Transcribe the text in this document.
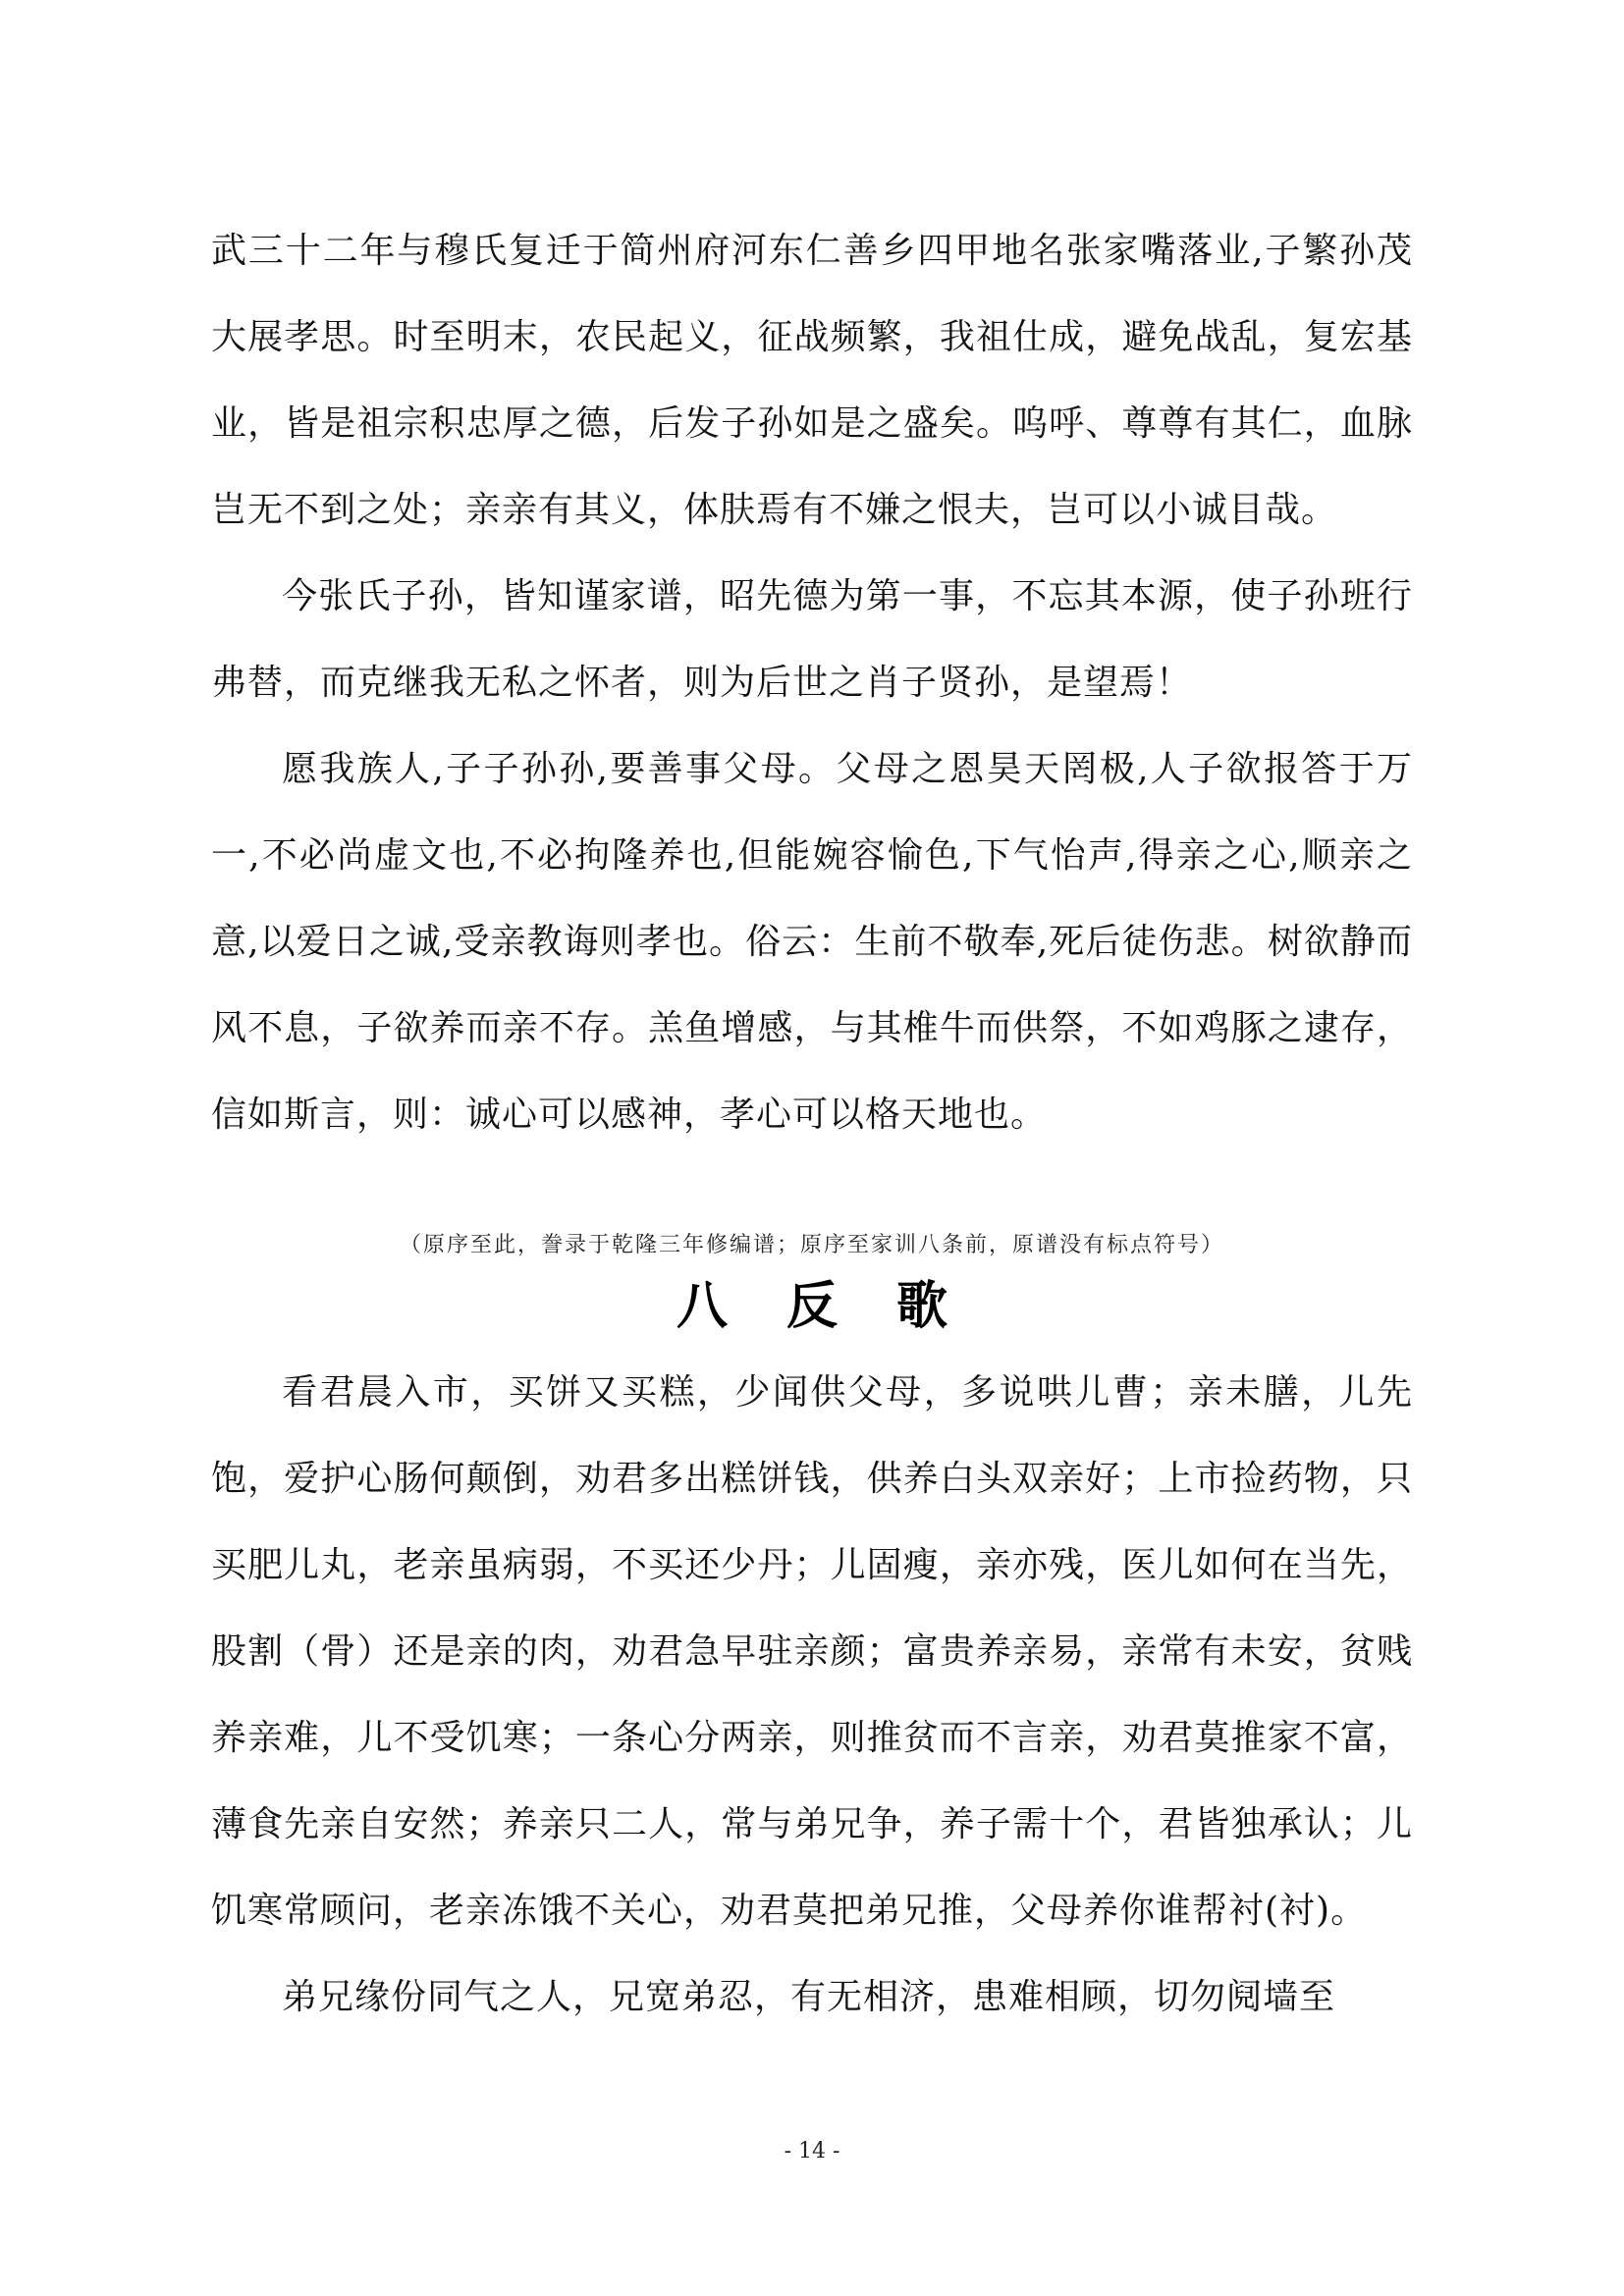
武三十二年与穆氏复迁于简州府河东仁善乡四甲地名张家嘴落业,子繁孙茂大展孝思。时至明末，农民起义，征战频繁，我祖仕成，避免战乱，复宏基业，皆是祖宗积忠厚之德，后发子孙如是之盛矣。呜呼、尊尊有其仁，血脉岂无不到之处；亲亲有其义，体肤焉有不嫌之恨夫，岂可以小诚目哉。

今张氏子孙，皆知谨家谱，昭先德为第一事，不忘其本源，使子孙班行弗替，而克继我无私之怀者，则为后世之肖子贤孙，是望焉！

愿我族人,子子孙孙,要善事父母。父母之恩昊天罔极,人子欲报答于万一,不必尚虚文也,不必拘隆养也,但能婉容愉色,下气怡声,得亲之心,顺亲之意,以爱日之诚,受亲教诲则孝也。俗云：生前不敬奉,死后徒伤悲。树欲静而风不息，子欲养而亲不存。羔鱼增感，与其椎牛而供祭，不如鸡豚之逮存，信如斯言，则：诚心可以感神，孝心可以格天地也。

（原序至此，誊录于乾隆三年修编谱；原序至家训八条前，原谱没有标点符号）
八反歌

看君晨入市，买饼又买糕，少闻供父母，多说哄儿曹；亲未膳，儿先饱，爱护心肠何颠倒，劝君多出糕饼钱，供养白头双亲好；上市捡药物，只买肥儿丸，老亲虽病弱，不买还少丹；儿固瘦，亲亦残，医儿如何在当先，股割（骨）还是亲的肉，劝君急早驻亲颜；富贵养亲易，亲常有未安，贫贱养亲难，儿不受饥寒；一条心分两亲，则推贫而不言亲，劝君莫推家不富，薄食先亲自安然；养亲只二人，常与弟兄争，养子需十个，君皆独承认；儿饥寒常顾问，老亲冻饿不关心，劝君莫把弟兄推，父母养你谁帮衬(衬)。

弟兄缘份同气之人，兄宽弟忍，有无相济，患难相顾，切勿阋墙至

- 14 -
